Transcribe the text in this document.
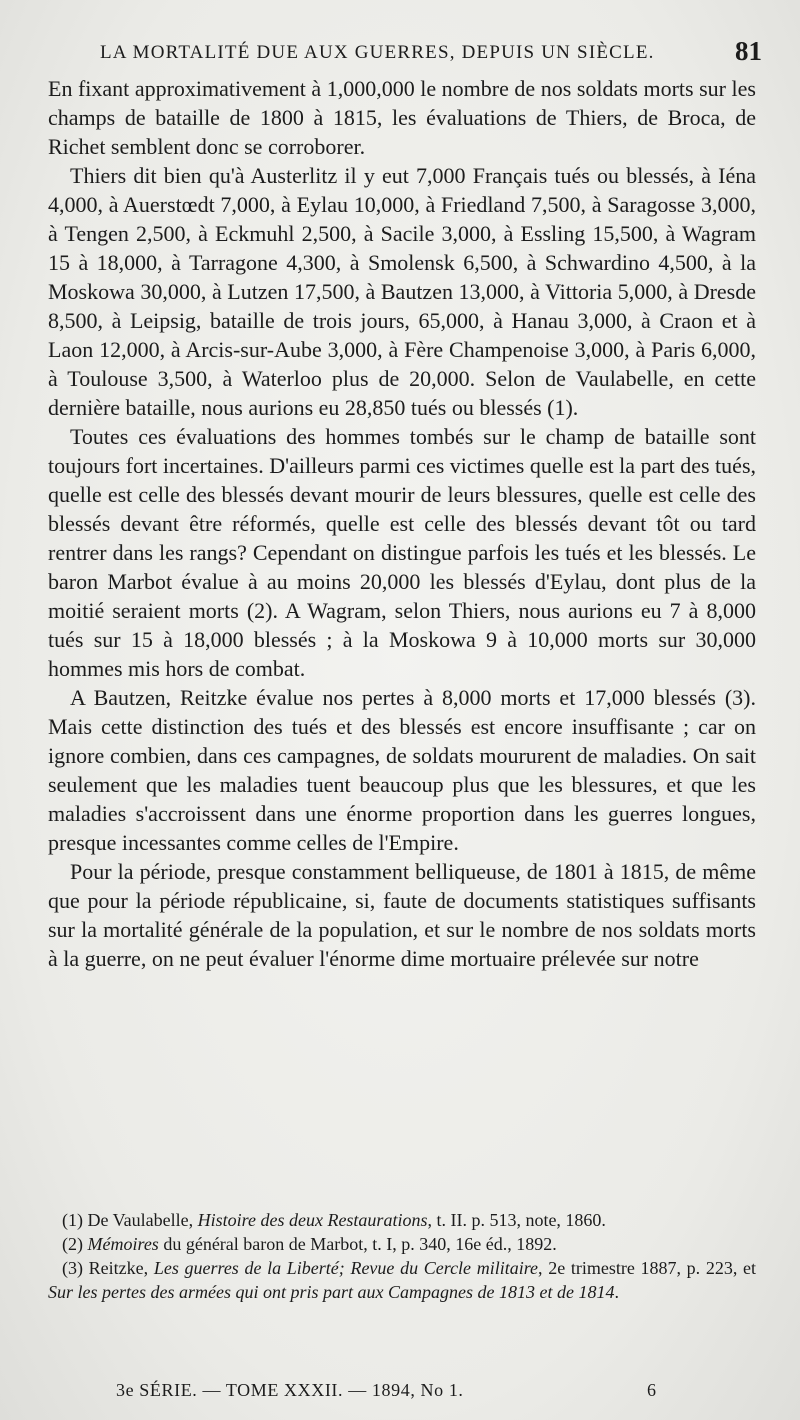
LA MORTALITÉ DUE AUX GUERRES, DEPUIS UN SIÈCLE.	81

En fixant approximativement à 1,000,000 le nombre de nos soldats morts sur les champs de bataille de 1800 à 1815, les évaluations de Thiers, de Broca, de Richet semblent donc se corroborer.

Thiers dit bien qu'à Austerlitz il y eut 7,000 Français tués ou blessés, à Iéna 4,000, à Auerstœdt 7,000, à Eylau 10,000, à Friedland 7,500, à Saragosse 3,000, à Tengen 2,500, à Eckmuhl 2,500, à Sacile 3,000, à Essling 15,500, à Wagram 15 à 18,000, à Tarragone 4,300, à Smolensk 6,500, à Schwardino 4,500, à la Moskowa 30,000, à Lutzen 17,500, à Bautzen 13,000, à Vittoria 5,000, à Dresde 8,500, à Leipsig, bataille de trois jours, 65,000, à Hanau 3,000, à Craon et à Laon 12,000, à Arcis-sur-Aube 3,000, à Fère Champenoise 3,000, à Paris 6,000, à Toulouse 3,500, à Waterloo plus de 20,000. Selon de Vaulabelle, en cette dernière bataille, nous aurions eu 28,850 tués ou blessés (1).

Toutes ces évaluations des hommes tombés sur le champ de bataille sont toujours fort incertaines. D'ailleurs parmi ces victimes quelle est la part des tués, quelle est celle des blessés devant mourir de leurs blessures, quelle est celle des blessés devant être réformés, quelle est celle des blessés devant tôt ou tard rentrer dans les rangs? Cependant on distingue parfois les tués et les blessés. Le baron Marbot évalue à au moins 20,000 les blessés d'Eylau, dont plus de la moitié seraient morts (2). A Wagram, selon Thiers, nous aurions eu 7 à 8,000 tués sur 15 à 18,000 blessés ; à la Moskowa 9 à 10,000 morts sur 30,000 hommes mis hors de combat.

A Bautzen, Reitzke évalue nos pertes à 8,000 morts et 17,000 blessés (3). Mais cette distinction des tués et des blessés est encore insuffisante ; car on ignore combien, dans ces campagnes, de soldats moururent de maladies. On sait seulement que les maladies tuent beaucoup plus que les blessures, et que les maladies s'accroissent dans une énorme proportion dans les guerres longues, presque incessantes comme celles de l'Empire.

Pour la période, presque constamment belliqueuse, de 1801 à 1815, de même que pour la période républicaine, si, faute de documents statistiques suffisants sur la mortalité générale de la population, et sur le nombre de nos soldats morts à la guerre, on ne peut évaluer l'énorme dime mortuaire prélevée sur notre

(1) De Vaulabelle, Histoire des deux Restaurations, t. II. p. 513, note, 1860.

(2) Mémoires du général baron de Marbot, t. I, p. 340, 16e éd., 1892.

(3) Reitzke, Les guerres de la Liberté; Revue du Cercle militaire, 2e trimestre 1887, p. 223, et Sur les pertes des armées qui ont pris part aux Campagnes de 1813 et de 1814.

3e SÉRIE. — TOME XXXII. — 1894, No 1.	6
